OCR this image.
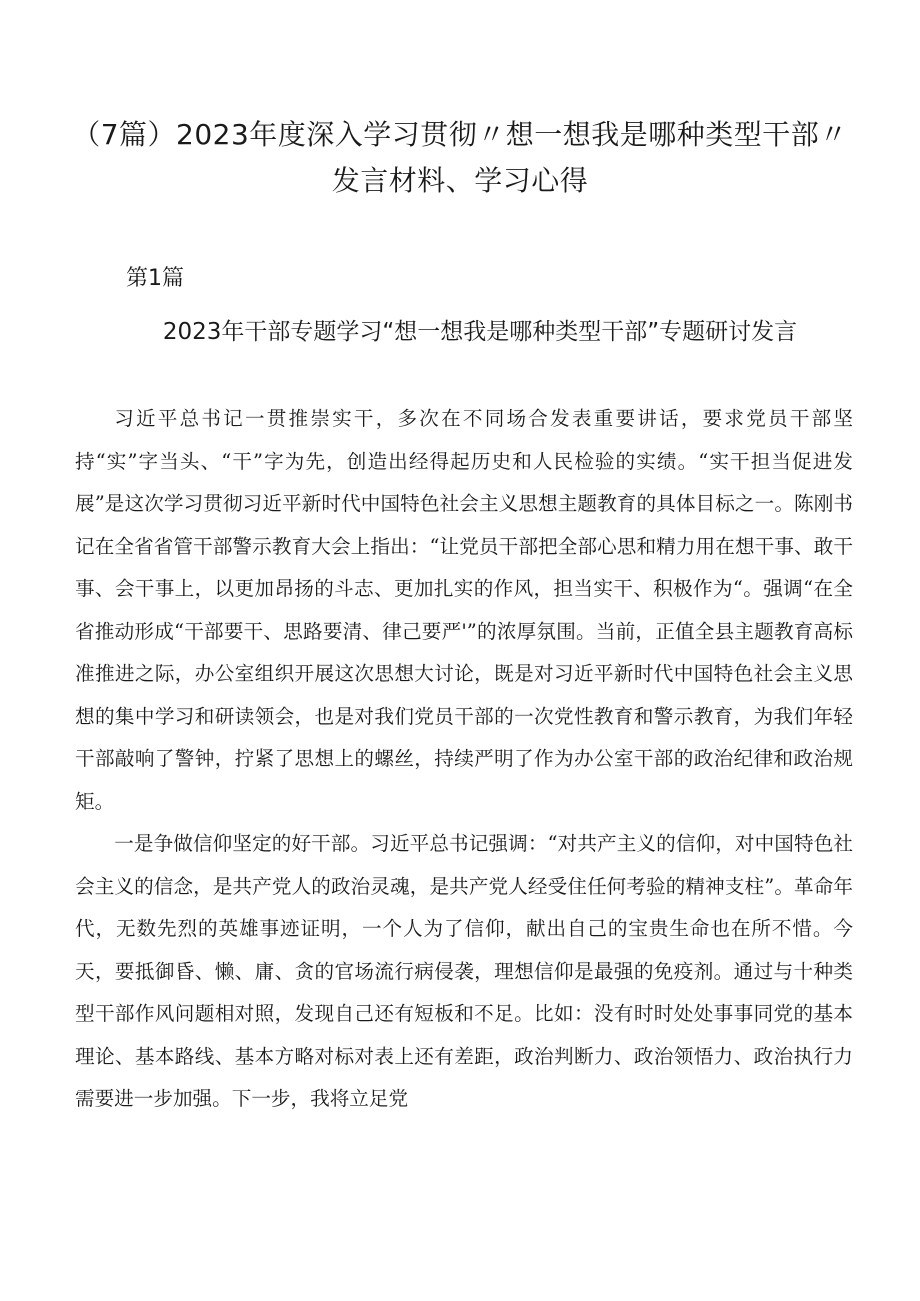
（7篇）2023年度深入学习贯彻〃想一想我是哪种类型干部〃发言材料、学习心得
第1篇
2023年干部专题学习“想一想我是哪种类型干部”专题研讨发言

习近平总书记一贯推崇实干，多次在不同场合发表重要讲话，要求党员干部坚持“实”字当头、“干”字为先，创造出经得起历史和人民检验的实绩。“实干担当促进发展”是这次学习贯彻习近平新时代中国特色社会主义思想主题教育的具体目标之一。陈刚书记在全省省管干部警示教育大会上指出：“让党员干部把全部心思和精力用在想干事、敢干事、会干事上，以更加昂扬的斗志、更加扎实的作风，担当实干、积极作为“。强调“在全省推动形成“干部要干、思路要清、律己要严'”的浓厚氛围。当前，正值全县主题教育高标准推进之际，办公室组织开展这次思想大讨论，既是对习近平新时代中国特色社会主义思想的集中学习和研读领会，也是对我们党员干部的一次党性教育和警示教育，为我们年轻干部敲响了警钟，拧紧了思想上的螺丝，持续严明了作为办公室干部的政治纪律和政治规矩。

一是争做信仰坚定的好干部。习近平总书记强调：“对共产主义的信仰，对中国特色社会主义的信念，是共产党人的政治灵魂，是共产党人经受住任何考验的精神支柱”。革命年代，无数先烈的英雄事迹证明，一个人为了信仰，献出自己的宝贵生命也在所不惜。今天，要抵御昏、懒、庸、贪的官场流行病侵袭，理想信仰是最强的免疫剂。通过与十种类型干部作风问题相对照，发现自己还有短板和不足。比如：没有时时处处事事同党的基本理论、基本路线、基本方略对标对表上还有差距，政治判断力、政治领悟力、政治执行力需要进一步加强。下一步，我将立足党
